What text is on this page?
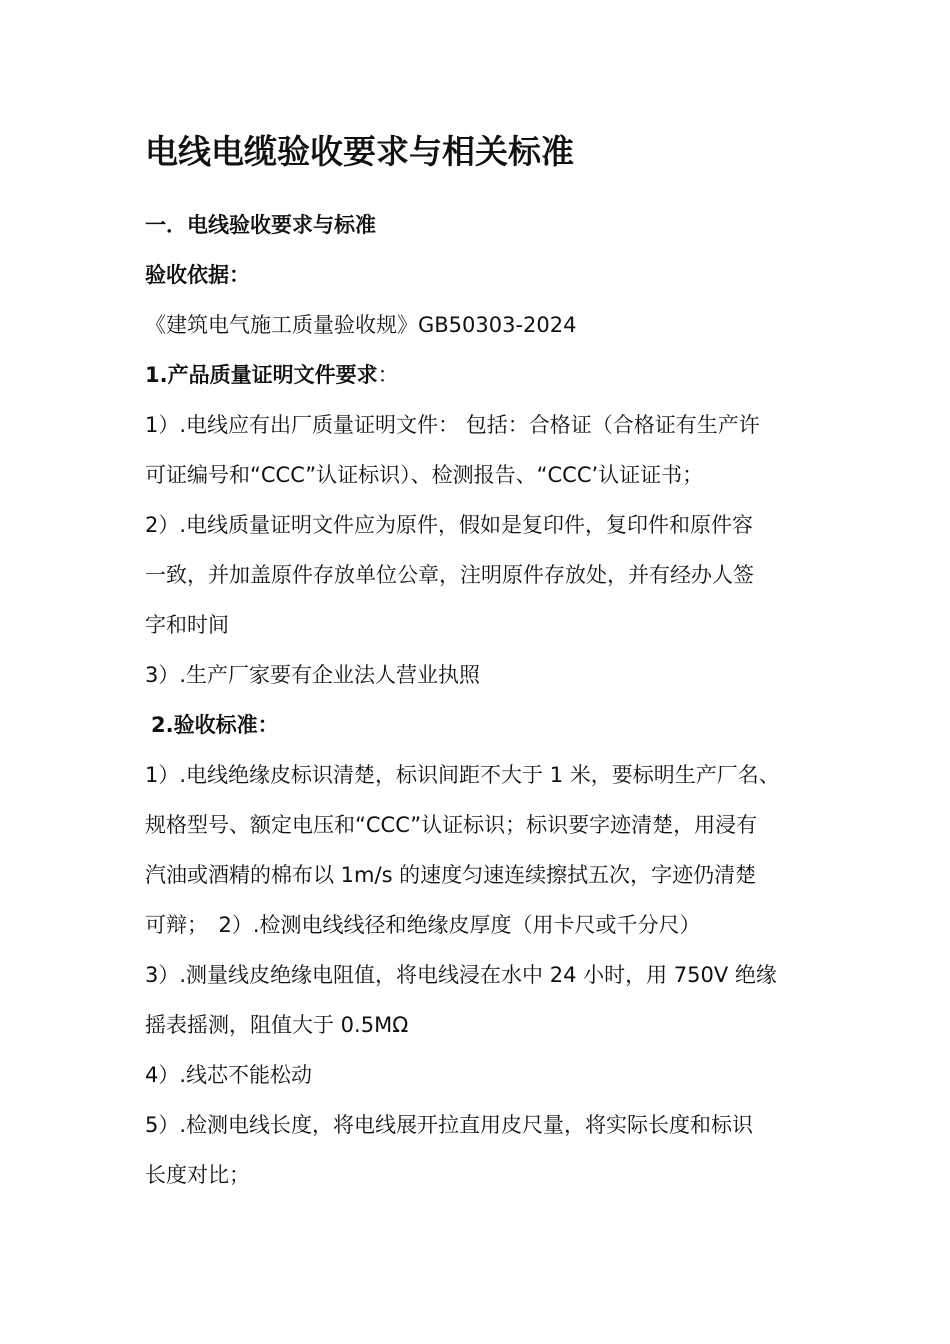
电线电缆验收要求与相关标准
一．电线验收要求与标准
验收依据：
《建筑电气施工质量验收规》GB50303-2024
1.产品质量证明文件要求：
1）.电线应有出厂质量证明文件： 包括：合格证（合格证有生产许
可证编号和“CCC”认证标识）、检测报告、“CCC’认证证书；
2）.电线质量证明文件应为原件，假如是复印件，复印件和原件容
一致，并加盖原件存放单位公章，注明原件存放处，并有经办人签
字和时间
3）.生产厂家要有企业法人营业执照
2.验收标准：
1）.电线绝缘皮标识清楚，标识间距不大于 1 米，要标明生产厂名、
规格型号、额定电压和“CCC”认证标识；标识要字迹清楚，用浸有
汽油或酒精的棉布以 1m/s 的速度匀速连续擦拭五次，字迹仍清楚
可辩；　2）.检测电线线径和绝缘皮厚度（用卡尺或千分尺）
3）.测量线皮绝缘电阻值，将电线浸在水中 24 小时，用 750V 绝缘
摇表摇测，阻值大于 0.5MΩ
4）.线芯不能松动
5）.检测电线长度，将电线展开拉直用皮尺量，将实际长度和标识
长度对比；
